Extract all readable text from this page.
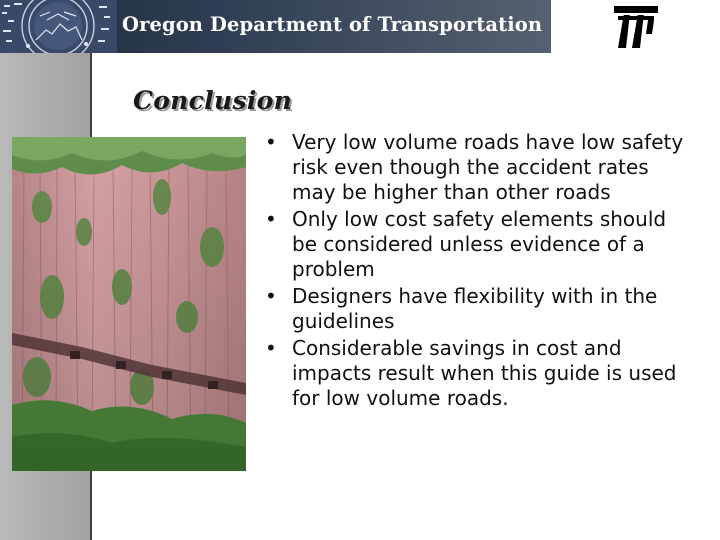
Oregon Department of Transportation
Conclusion
• Very low volume roads have low safety risk even though the accident rates may be higher than other roads
• Only low cost safety elements should be considered unless evidence of a problem
• Designers have flexibility with in the guidelines
• Considerable savings in cost and impacts result when this guide is used for low volume roads.
